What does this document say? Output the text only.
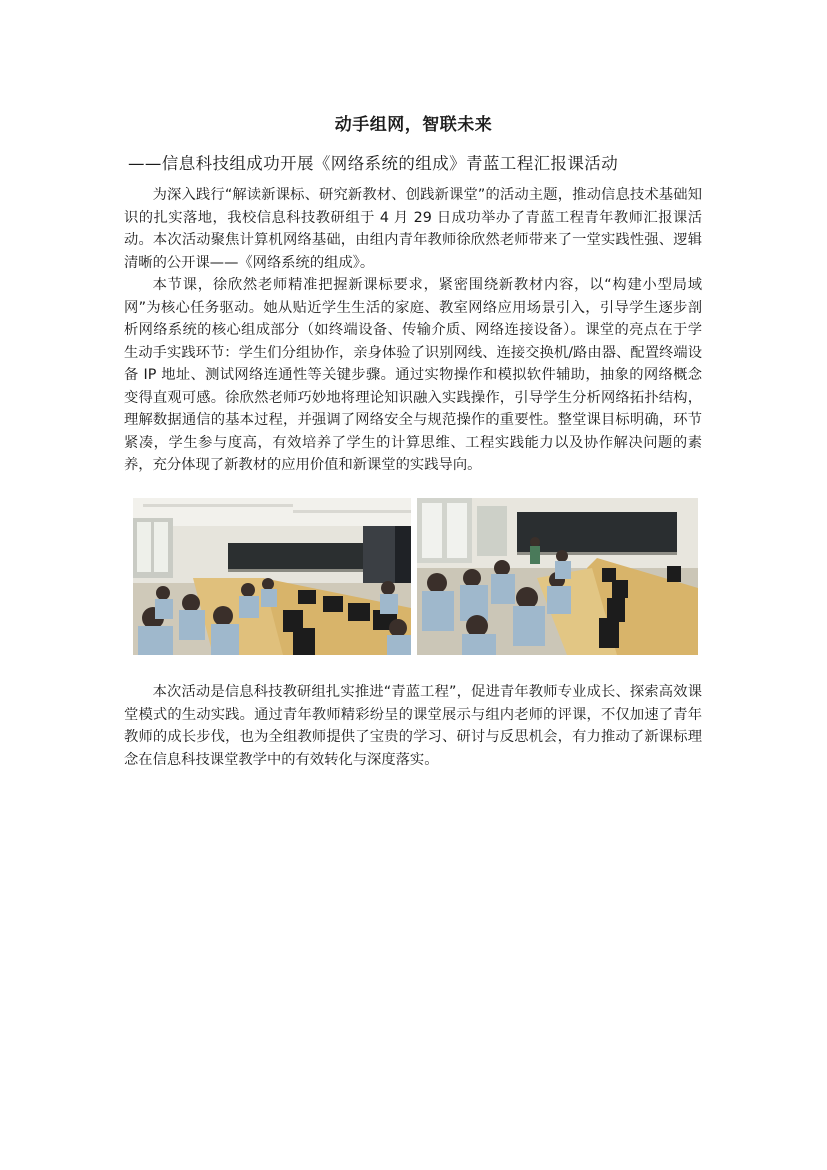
动手组网，智联未来

——信息科技组成功开展《网络系统的组成》青蓝工程汇报课活动

为深入践行“解读新课标、研究新教材、创践新课堂”的活动主题，推动信息技术基础知识的扎实落地，我校信息科技教研组于 4 月 29 日成功举办了青蓝工程青年教师汇报课活动。本次活动聚焦计算机网络基础，由组内青年教师徐欣然老师带来了一堂实践性强、逻辑清晰的公开课——《网络系统的组成》。

本节课，徐欣然老师精准把握新课标要求，紧密围绕新教材内容，以“构建小型局域网”为核心任务驱动。她从贴近学生生活的家庭、教室网络应用场景引入，引导学生逐步剖析网络系统的核心组成部分（如终端设备、传输介质、网络连接设备）。课堂的亮点在于学生动手实践环节：学生们分组协作，亲身体验了识别网线、连接交换机/路由器、配置终端设备 IP 地址、测试网络连通性等关键步骤。通过实物操作和模拟软件辅助，抽象的网络概念变得直观可感。徐欣然老师巧妙地将理论知识融入实践操作，引导学生分析网络拓扑结构，理解数据通信的基本过程，并强调了网络安全与规范操作的重要性。整堂课目标明确，环节紧凑，学生参与度高，有效培养了学生的计算思维、工程实践能力以及协作解决问题的素养，充分体现了新教材的应用价值和新课堂的实践导向。

本次活动是信息科技教研组扎实推进“青蓝工程”，促进青年教师专业成长、探索高效课堂模式的生动实践。通过青年教师精彩纷呈的课堂展示与组内老师的评课，不仅加速了青年教师的成长步伐，也为全组教师提供了宝贵的学习、研讨与反思机会，有力推动了新课标理念在信息科技课堂教学中的有效转化与深度落实。
